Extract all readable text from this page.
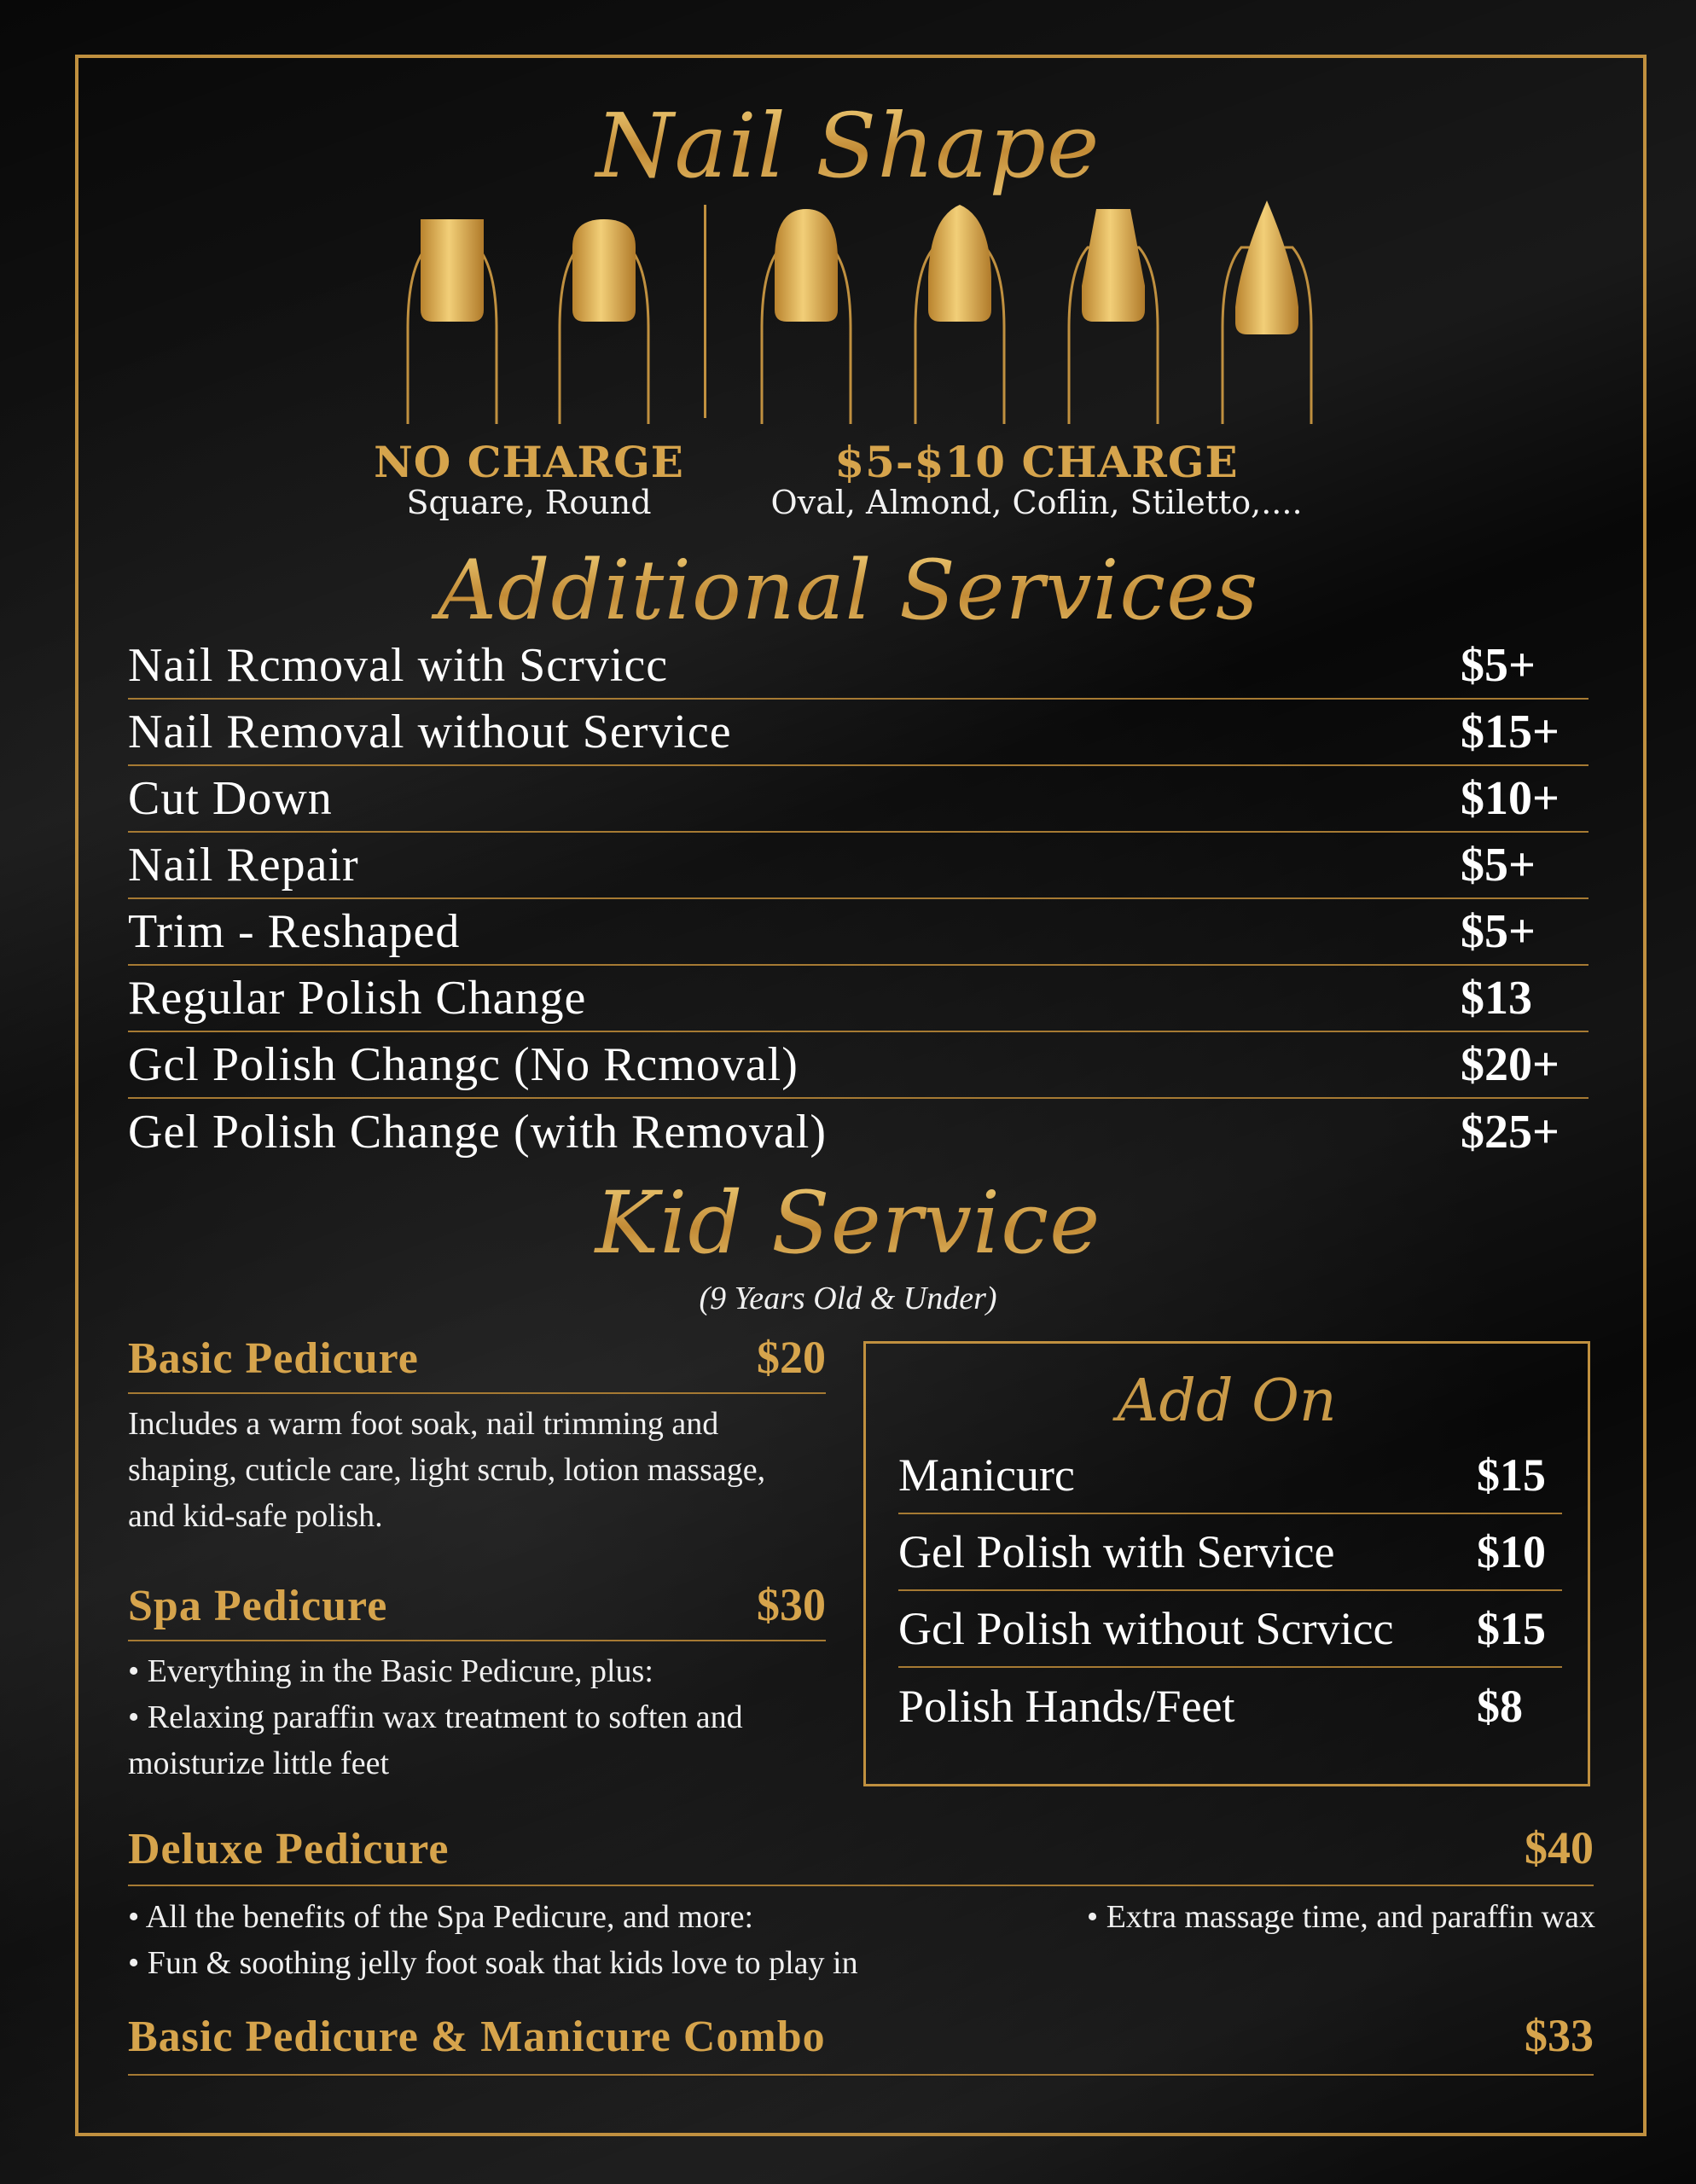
Nail Shape
NO CHARGE
Square, Round
$5-$10 CHARGE
Oval, Almond, Coflin, Stiletto,....
Additional Services
Nail Rcmoval with Scrvicc	$5+
Nail Removal without Service	$15+
Cut Down	$10+
Nail Repair	$5+
Trim - Reshaped	$5+
Regular Polish Change	$13
Gcl Polish Changc (No Rcmoval)	$20+
Gel Polish Change (with Removal)	$25+
Kid Service
(9 Years Old & Under)
Basic Pedicure	$20
Includes a warm foot soak, nail trimming and
shaping, cuticle care, light scrub, lotion massage,
and kid-safe polish.
Spa Pedicure	$30
• Everything in the Basic Pedicure, plus:
• Relaxing paraffin wax treatment to soften and
moisturize little feet
Add On
Manicurc	$15
Gel Polish with Service	$10
Gcl Polish without Scrvicc $15
Polish Hands/Feet	$8
Deluxe Pedicure	$40
• All the benefits of the Spa Pedicure, and more:
• Fun & soothing jelly foot soak that kids love to play in
• Extra massage time, and paraffin wax
Basic Pedicure & Manicure Combo	$33
